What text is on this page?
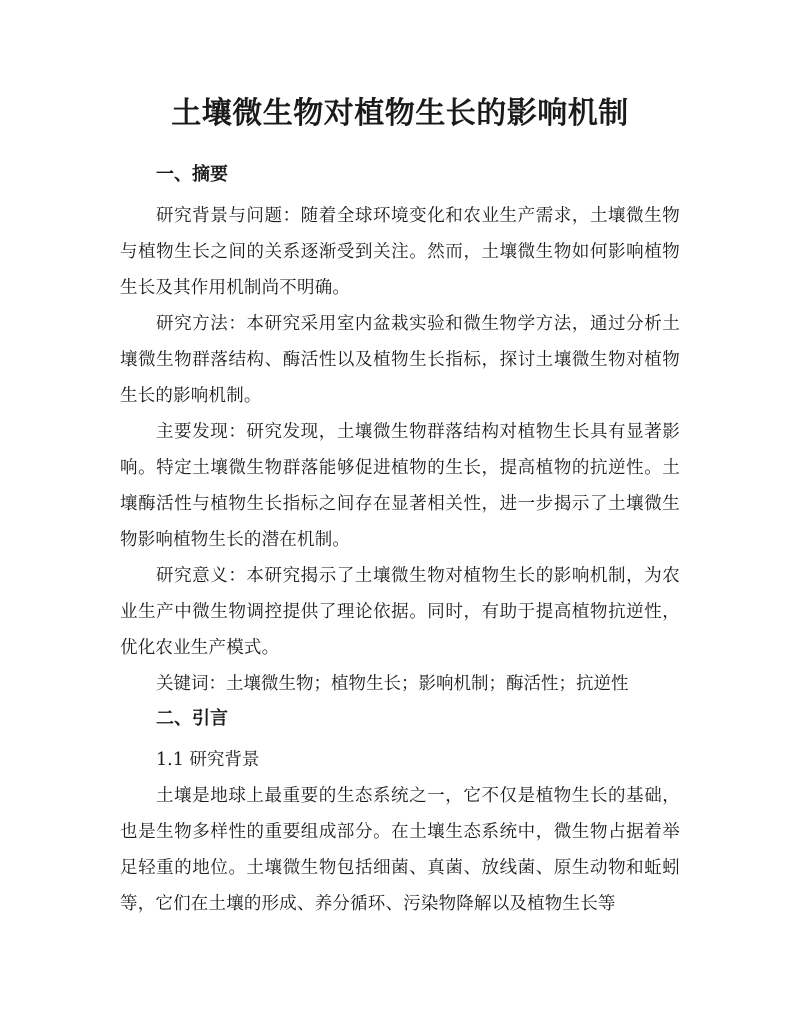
土壤微生物对植物生长的影响机制
一、摘要

研究背景与问题：随着全球环境变化和农业生产需求，土壤微生物与植物生长之间的关系逐渐受到关注。然而，土壤微生物如何影响植物生长及其作用机制尚不明确。

研究方法：本研究采用室内盆栽实验和微生物学方法，通过分析土壤微生物群落结构、酶活性以及植物生长指标，探讨土壤微生物对植物生长的影响机制。

主要发现：研究发现，土壤微生物群落结构对植物生长具有显著影响。特定土壤微生物群落能够促进植物的生长，提高植物的抗逆性。土壤酶活性与植物生长指标之间存在显著相关性，进一步揭示了土壤微生物影响植物生长的潜在机制。

研究意义：本研究揭示了土壤微生物对植物生长的影响机制，为农业生产中微生物调控提供了理论依据。同时，有助于提高植物抗逆性，优化农业生产模式。

关键词：土壤微生物；植物生长；影响机制；酶活性；抗逆性

二、引言

1.1 研究背景

土壤是地球上最重要的生态系统之一，它不仅是植物生长的基础，也是生物多样性的重要组成部分。在土壤生态系统中，微生物占据着举足轻重的地位。土壤微生物包括细菌、真菌、放线菌、原生动物和蚯蚓等，它们在土壤的形成、养分循环、污染物降解以及植物生长等
